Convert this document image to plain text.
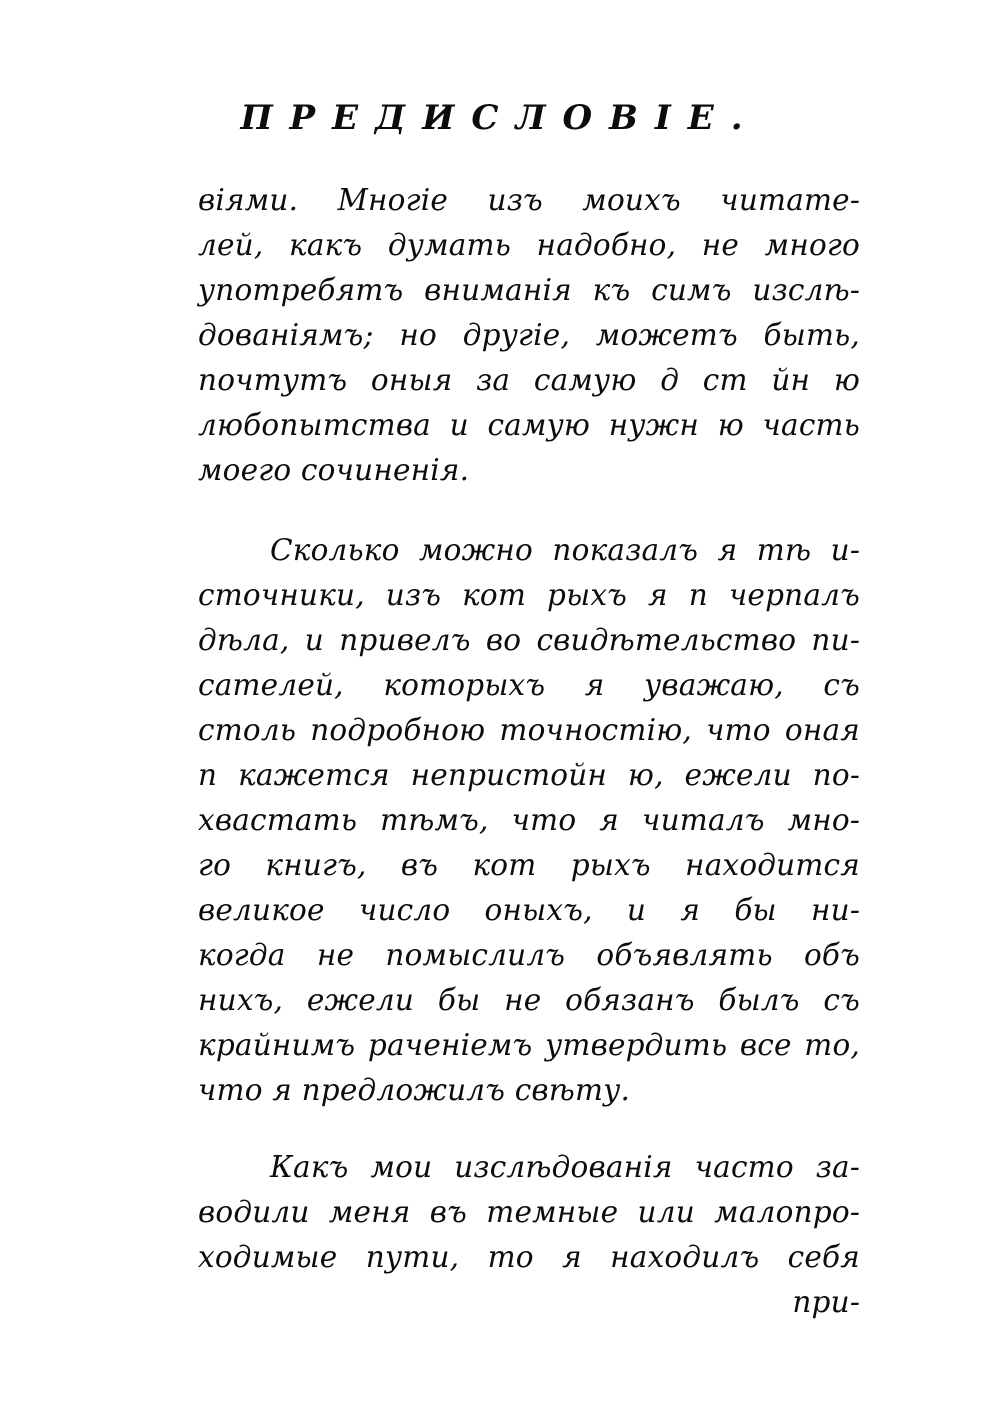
ПРЕДИСЛОВІЕ.
віями. Многіе изъ моихъ читате-
лей, какъ думать надобно, не много
употребятъ вниманія къ симъ изслѣ-
дованіямъ; но другіе, можетъ быть,
почтутъ оныя за самую д ст йн ю
любопытства и самую нужн ю часть
моего сочиненія.
Сколько можно показалъ я тѣ и-
сточники, изъ кот рыхъ я п черпалъ
дѣла, и привелъ во свидѣтельство пи-
сателей, которыхъ я уважаю, съ
столь подробною точностію, что оная
п кажется непристойн ю, ежели по-
хвастать тѣмъ, что я читалъ мно-
го книгъ, въ кот рыхъ находится
великое число оныхъ, и я бы ни-
когда не помыслилъ объявлять объ
нихъ, ежели бы не обязанъ былъ съ
крайнимъ раченіемъ утвердить все то,
что я предложилъ свѣту.
Какъ мои изслѣдованія часто за-
водили меня въ темные или малопро-
ходимые пути, то я находилъ себя
при-
